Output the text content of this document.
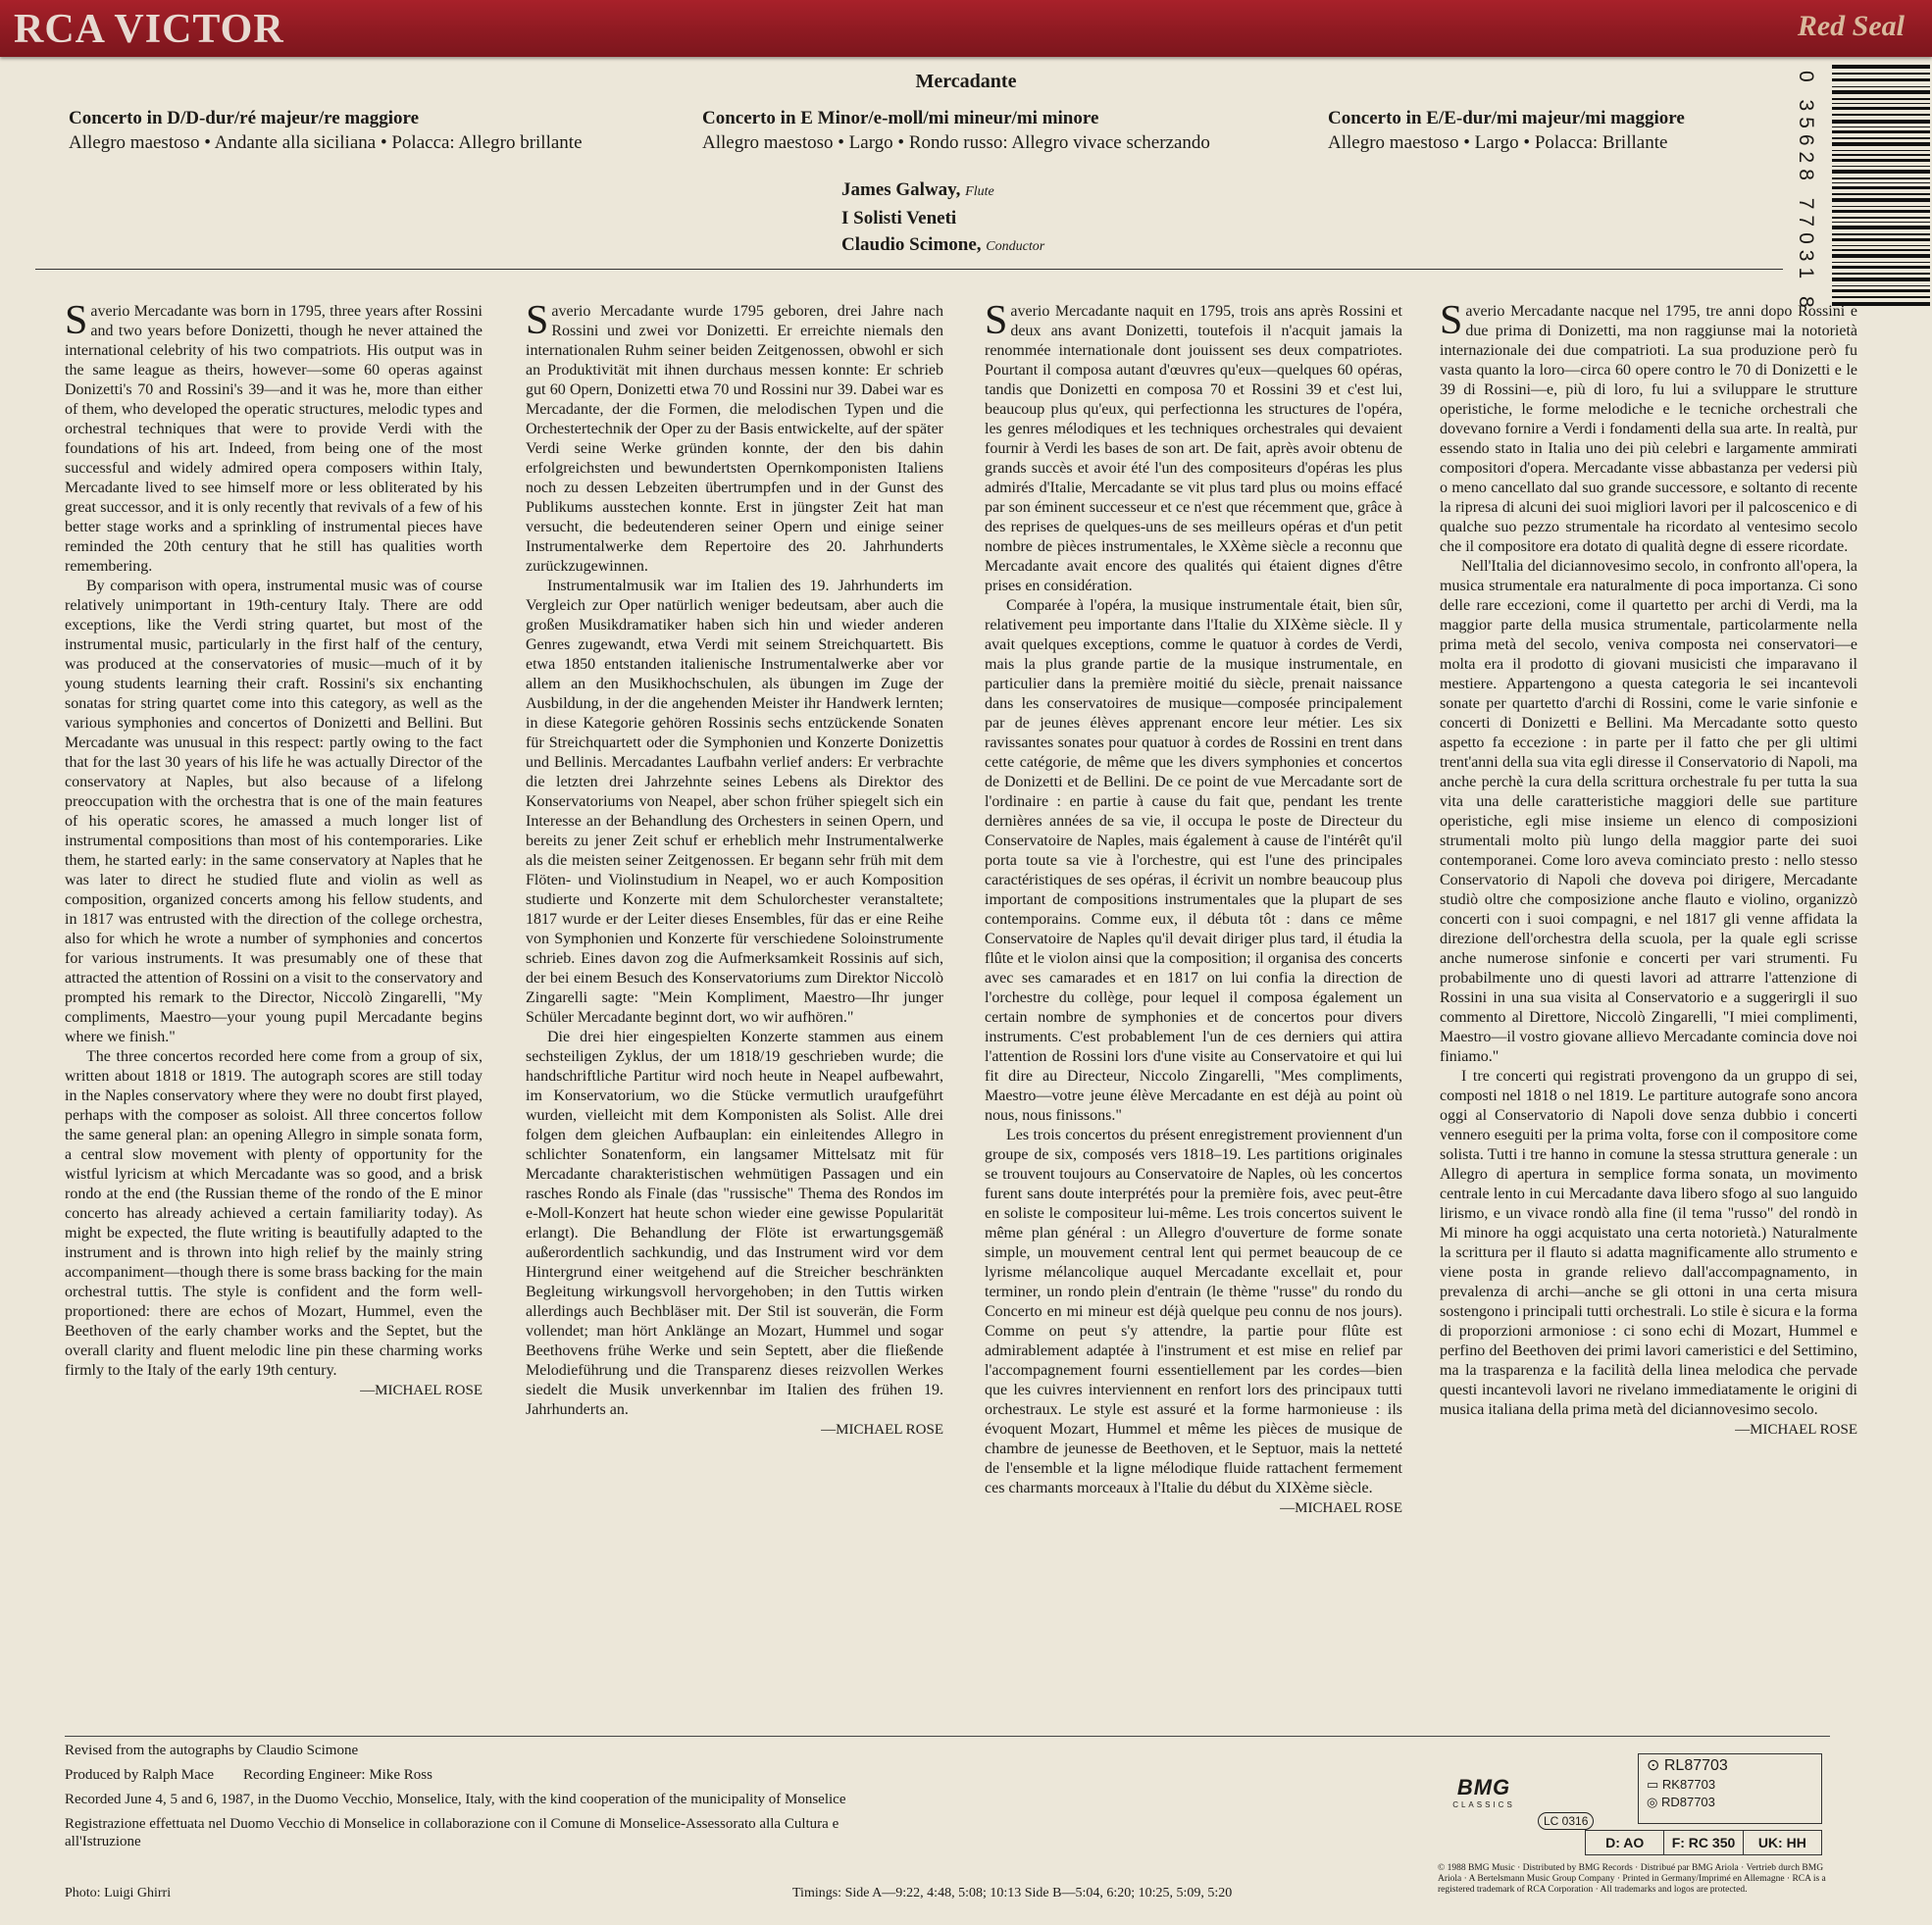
RCA VICTOR	Red Seal
Mercadante
Concerto in D/D-dur/ré majeur/re maggiore
Allegro maestoso • Andante alla siciliana • Polacca: Allegro brillante
Concerto in E Minor/e-moll/mi mineur/mi minore
Allegro maestoso • Largo • Rondo russo: Allegro vivace scherzando
Concerto in E/E-dur/mi majeur/mi maggiore
Allegro maestoso • Largo • Polacca: Brillante
James Galway, Flute
I Solisti Veneti
Claudio Scimone, Conductor	0 35628 77031 8

Saverio Mercadante was born in 1795, three years after Rossini and two years before Donizetti, though he never attained the international celebrity of his two compatriots. His output was in the same league as theirs, however—some 60 operas against Donizetti's 70 and Rossini's 39—and it was he, more than either of them, who developed the operatic structures, melodic types and orchestral techniques that were to provide Verdi with the foundations of his art. Indeed, from being one of the most successful and widely admired opera composers within Italy, Mercadante lived to see himself more or less obliterated by his great successor, and it is only recently that revivals of a few of his better stage works and a sprinkling of instrumental pieces have reminded the 20th century that he still has qualities worth remembering.

By comparison with opera, instrumental music was of course relatively unimportant in 19th-century Italy. There are odd exceptions, like the Verdi string quartet, but most of the instrumental music, particularly in the first half of the century, was produced at the conservatories of music—much of it by young students learning their craft. Rossini's six enchanting sonatas for string quartet come into this category, as well as the various symphonies and concertos of Donizetti and Bellini. But Mercadante was unusual in this respect: partly owing to the fact that for the last 30 years of his life he was actually Director of the conservatory at Naples, but also because of a lifelong preoccupation with the orchestra that is one of the main features of his operatic scores, he amassed a much longer list of instrumental compositions than most of his contemporaries. Like them, he started early: in the same conservatory at Naples that he was later to direct he studied flute and violin as well as composition, organized concerts among his fellow students, and in 1817 was entrusted with the direction of the college orchestra, also for which he wrote a number of symphonies and concertos for various instruments. It was presumably one of these that attracted the attention of Rossini on a visit to the conservatory and prompted his remark to the Director, Niccolò Zingarelli, "My compliments, Maestro—your young pupil Mercadante begins where we finish."

The three concertos recorded here come from a group of six, written about 1818 or 1819. The autograph scores are still today in the Naples conservatory where they were no doubt first played, perhaps with the composer as soloist. All three concertos follow the same general plan: an opening Allegro in simple sonata form, a central slow movement with plenty of opportunity for the wistful lyricism at which Mercadante was so good, and a brisk rondo at the end (the Russian theme of the rondo of the E minor concerto has already achieved a certain familiarity today). As might be expected, the flute writing is beautifully adapted to the instrument and is thrown into high relief by the mainly string accompaniment—though there is some brass backing for the main orchestral tuttis. The style is confident and the form well-proportioned: there are echos of Mozart, Hummel, even the Beethoven of the early chamber works and the Septet, but the overall clarity and fluent melodic line pin these charming works firmly to the Italy of the early 19th century.

—MICHAEL ROSE

Saverio Mercadante wurde 1795 geboren, drei Jahre nach Rossini und zwei vor Donizetti. Er erreichte niemals den internationalen Ruhm seiner beiden Zeitgenossen, obwohl er sich an Produktivität mit ihnen durchaus messen konnte: Er schrieb gut 60 Opern, Donizetti etwa 70 und Rossini nur 39. Dabei war es Mercadante, der die Formen, die melodischen Typen und die Orchestertechnik der Oper zu der Basis entwickelte, auf der später Verdi seine Werke gründen konnte, der den bis dahin erfolgreichsten und bewundertsten Opernkomponisten Italiens noch zu dessen Lebzeiten übertrumpfen und in der Gunst des Publikums ausstechen konnte. Erst in jüngster Zeit hat man versucht, die bedeutenderen seiner Opern und einige seiner Instrumentalwerke dem Repertoire des 20. Jahrhunderts zurückzugewinnen.

Instrumentalmusik war im Italien des 19. Jahrhunderts im Vergleich zur Oper natürlich weniger bedeutsam, aber auch die großen Musikdramatiker haben sich hin und wieder anderen Genres zugewandt, etwa Verdi mit seinem Streichquartett. Bis etwa 1850 entstanden italienische Instrumentalwerke aber vor allem an den Musikhochschulen, als übungen im Zuge der Ausbildung, in der die angehenden Meister ihr Handwerk lernten; in diese Kategorie gehören Rossinis sechs entzückende Sonaten für Streichquartett oder die Symphonien und Konzerte Donizettis und Bellinis. Mercadantes Laufbahn verlief anders: Er verbrachte die letzten drei Jahrzehnte seines Lebens als Direktor des Konservatoriums von Neapel, aber schon früher spiegelt sich ein Interesse an der Behandlung des Orchesters in seinen Opern, und bereits zu jener Zeit schuf er erheblich mehr Instrumentalwerke als die meisten seiner Zeitgenossen. Er begann sehr früh mit dem Flöten- und Violinstudium in Neapel, wo er auch Komposition studierte und Konzerte mit dem Schulorchester veranstaltete; 1817 wurde er der Leiter dieses Ensembles, für das er eine Reihe von Symphonien und Konzerte für verschiedene Soloinstrumente schrieb. Eines davon zog die Aufmerksamkeit Rossinis auf sich, der bei einem Besuch des Konservatoriums zum Direktor Niccolò Zingarelli sagte: "Mein Kompliment, Maestro—Ihr junger Schüler Mercadante beginnt dort, wo wir aufhören."

Die drei hier eingespielten Konzerte stammen aus einem sechsteiligen Zyklus, der um 1818/19 geschrieben wurde; die handschriftliche Partitur wird noch heute in Neapel aufbewahrt, im Konservatorium, wo die Stücke vermutlich uraufgeführt wurden, vielleicht mit dem Komponisten als Solist. Alle drei folgen dem gleichen Aufbauplan: ein einleitendes Allegro in schlichter Sonatenform, ein langsamer Mittelsatz mit für Mercadante charakteristischen wehmütigen Passagen und ein rasches Rondo als Finale (das "russische" Thema des Rondos im e-Moll-Konzert hat heute schon wieder eine gewisse Popularität erlangt). Die Behandlung der Flöte ist erwartungsgemäß außerordentlich sachkundig, und das Instrument wird vor dem Hintergrund einer weitgehend auf die Streicher beschränkten Begleitung wirkungsvoll hervorgehoben; in den Tuttis wirken allerdings auch Bechbläser mit. Der Stil ist souverän, die Form vollendet; man hört Anklänge an Mozart, Hummel und sogar Beethovens frühe Werke und sein Septett, aber die fließende Melodieführung und die Transparenz dieses reizvollen Werkes siedelt die Musik unverkennbar im Italien des frühen 19. Jahrhunderts an.

—MICHAEL ROSE

Saverio Mercadante naquit en 1795, trois ans après Rossini et deux ans avant Donizetti, toutefois il n'acquit jamais la renommée internationale dont jouissent ses deux compatriotes. Pourtant il composa autant d'œuvres qu'eux—quelques 60 opéras, tandis que Donizetti en composa 70 et Rossini 39 et c'est lui, beaucoup plus qu'eux, qui perfectionna les structures de l'opéra, les genres mélodiques et les techniques orchestrales qui devaient fournir à Verdi les bases de son art. De fait, après avoir obtenu de grands succès et avoir été l'un des compositeurs d'opéras les plus admirés d'Italie, Mercadante se vit plus tard plus ou moins effacé par son éminent successeur et ce n'est que récemment que, grâce à des reprises de quelques-uns de ses meilleurs opéras et d'un petit nombre de pièces instrumentales, le XXème siècle a reconnu que Mercadante avait encore des qualités qui étaient dignes d'être prises en considération.

Comparée à l'opéra, la musique instrumentale était, bien sûr, relativement peu importante dans l'Italie du XIXème siècle. Il y avait quelques exceptions, comme le quatuor à cordes de Verdi, mais la plus grande partie de la musique instrumentale, en particulier dans la première moitié du siècle, prenait naissance dans les conservatoires de musique—composée principalement par de jeunes élèves apprenant encore leur métier. Les six ravissantes sonates pour quatuor à cordes de Rossini en trent dans cette catégorie, de même que les divers symphonies et concertos de Donizetti et de Bellini. De ce point de vue Mercadante sort de l'ordinaire : en partie à cause du fait que, pendant les trente dernières années de sa vie, il occupa le poste de Directeur du Conservatoire de Naples, mais également à cause de l'intérêt qu'il porta toute sa vie à l'orchestre, qui est l'une des principales caractéristiques de ses opéras, il écrivit un nombre beaucoup plus important de compositions instrumentales que la plupart de ses contemporains. Comme eux, il débuta tôt : dans ce même Conservatoire de Naples qu'il devait diriger plus tard, il étudia la flûte et le violon ainsi que la composition; il organisa des concerts avec ses camarades et en 1817 on lui confia la direction de l'orchestre du collège, pour lequel il composa également un certain nombre de symphonies et de concertos pour divers instruments. C'est probablement l'un de ces derniers qui attira l'attention de Rossini lors d'une visite au Conservatoire et qui lui fit dire au Directeur, Niccolo Zingarelli, "Mes compliments, Maestro—votre jeune élève Mercadante en est déjà au point où nous, nous finissons."

Les trois concertos du présent enregistrement proviennent d'un groupe de six, composés vers 1818–19. Les partitions originales se trouvent toujours au Conservatoire de Naples, où les concertos furent sans doute interprétés pour la première fois, avec peut-être en soliste le compositeur lui-même. Les trois concertos suivent le même plan général : un Allegro d'ouverture de forme sonate simple, un mouvement central lent qui permet beaucoup de ce lyrisme mélancolique auquel Mercadante excellait et, pour terminer, un rondo plein d'entrain (le thème "russe" du rondo du Concerto en mi mineur est déjà quelque peu connu de nos jours). Comme on peut s'y attendre, la partie pour flûte est admirablement adaptée à l'instrument et est mise en relief par l'accompagnement fourni essentiellement par les cordes—bien que les cuivres interviennent en renfort lors des principaux tutti orchestraux. Le style est assuré et la forme harmonieuse : ils évoquent Mozart, Hummel et même les pièces de musique de chambre de jeunesse de Beethoven, et le Septuor, mais la netteté de l'ensemble et la ligne mélodique fluide rattachent fermement ces charmants morceaux à l'Italie du début du XIXème siècle.

—MICHAEL ROSE

Saverio Mercadante nacque nel 1795, tre anni dopo Rossini e due prima di Donizetti, ma non raggiunse mai la notorietà internazionale dei due compatrioti. La sua produzione però fu vasta quanto la loro—circa 60 opere contro le 70 di Donizetti e le 39 di Rossini—e, più di loro, fu lui a sviluppare le strutture operistiche, le forme melodiche e le tecniche orchestrali che dovevano fornire a Verdi i fondamenti della sua arte. In realtà, pur essendo stato in Italia uno dei più celebri e largamente ammirati compositori d'opera. Mercadante visse abbastanza per vedersi più o meno cancellato dal suo grande successore, e soltanto di recente la ripresa di alcuni dei suoi migliori lavori per il palcoscenico e di qualche suo pezzo strumentale ha ricordato al ventesimo secolo che il compositore era dotato di qualità degne di essere ricordate.

Nell'Italia del diciannovesimo secolo, in confronto all'opera, la musica strumentale era naturalmente di poca importanza. Ci sono delle rare eccezioni, come il quartetto per archi di Verdi, ma la maggior parte della musica strumentale, particolarmente nella prima metà del secolo, veniva composta nei conservatori—e molta era il prodotto di giovani musicisti che imparavano il mestiere. Appartengono a questa categoria le sei incantevoli sonate per quartetto d'archi di Rossini, come le varie sinfonie e concerti di Donizetti e Bellini. Ma Mercadante sotto questo aspetto fa eccezione : in parte per il fatto che per gli ultimi trent'anni della sua vita egli diresse il Conservatorio di Napoli, ma anche perchè la cura della scrittura orchestrale fu per tutta la sua vita una delle caratteristiche maggiori delle sue partiture operistiche, egli mise insieme un elenco di composizioni strumentali molto più lungo della maggior parte dei suoi contemporanei. Come loro aveva cominciato presto : nello stesso Conservatorio di Napoli che doveva poi dirigere, Mercadante studiò oltre che composizione anche flauto e violino, organizzò concerti con i suoi compagni, e nel 1817 gli venne affidata la direzione dell'orchestra della scuola, per la quale egli scrisse anche numerose sinfonie e concerti per vari strumenti. Fu probabilmente uno di questi lavori ad attrarre l'attenzione di Rossini in una sua visita al Conservatorio e a suggerirgli il suo commento al Direttore, Niccolò Zingarelli, "I miei complimenti, Maestro—il vostro giovane allievo Mercadante comincia dove noi finiamo."

I tre concerti qui registrati provengono da un gruppo di sei, composti nel 1818 o nel 1819. Le partiture autografe sono ancora oggi al Conservatorio di Napoli dove senza dubbio i concerti vennero eseguiti per la prima volta, forse con il compositore come solista. Tutti i tre hanno in comune la stessa struttura generale : un Allegro di apertura in semplice forma sonata, un movimento centrale lento in cui Mercadante dava libero sfogo al suo languido lirismo, e un vivace rondò alla fine (il tema "russo" del rondò in Mi minore ha oggi acquistato una certa notorietà.) Naturalmente la scrittura per il flauto si adatta magnificamente allo strumento e viene posta in grande relievo dall'accompagnamento, in prevalenza di archi—anche se gli ottoni in una certa misura sostengono i principali tutti orchestrali. Lo stile è sicura e la forma di proporzioni armoniose : ci sono echi di Mozart, Hummel e perfino del Beethoven dei primi lavori cameristici e del Settimino, ma la trasparenza e la facilità della linea melodica che pervade questi incantevoli lavori ne rivelano immediatamente le origini di musica italiana della prima metà del diciannovesimo secolo.

—MICHAEL ROSE

Revised from the autographs by Claudio Scimone
Produced by Ralph Mace Recording Engineer: Mike Ross
Recorded June 4, 5 and 6, 1987, in the Duomo Vecchio, Monselice, Italy, with the kind cooperation of the municipality of Monselice
Registrazione effettuata nel Duomo Vecchio di Monselice in collaborazione con il Comune di Monselice-Assessorato alla Cultura e all'Istruzione
Photo: Luigi Ghirri	Timings: Side A—9:22, 4:48, 5:08; 10:13 Side B—5:04, 6:20; 10:25, 5:09, 5:20
BMG
CLASSICS
LC 0316
⊙ RL87703
▭ RK87703
◎ RD87703
D: AO	F: RC 350	UK: HH
© 1988 BMG Music · Distributed by BMG Records · Distribué par BMG Ariola · Vertrieb durch BMG Ariola · A Bertelsmann Music Group Company · Printed in Germany/Imprimé en Allemagne · RCA is a registered trademark of RCA Corporation · All trademarks and logos are protected.
